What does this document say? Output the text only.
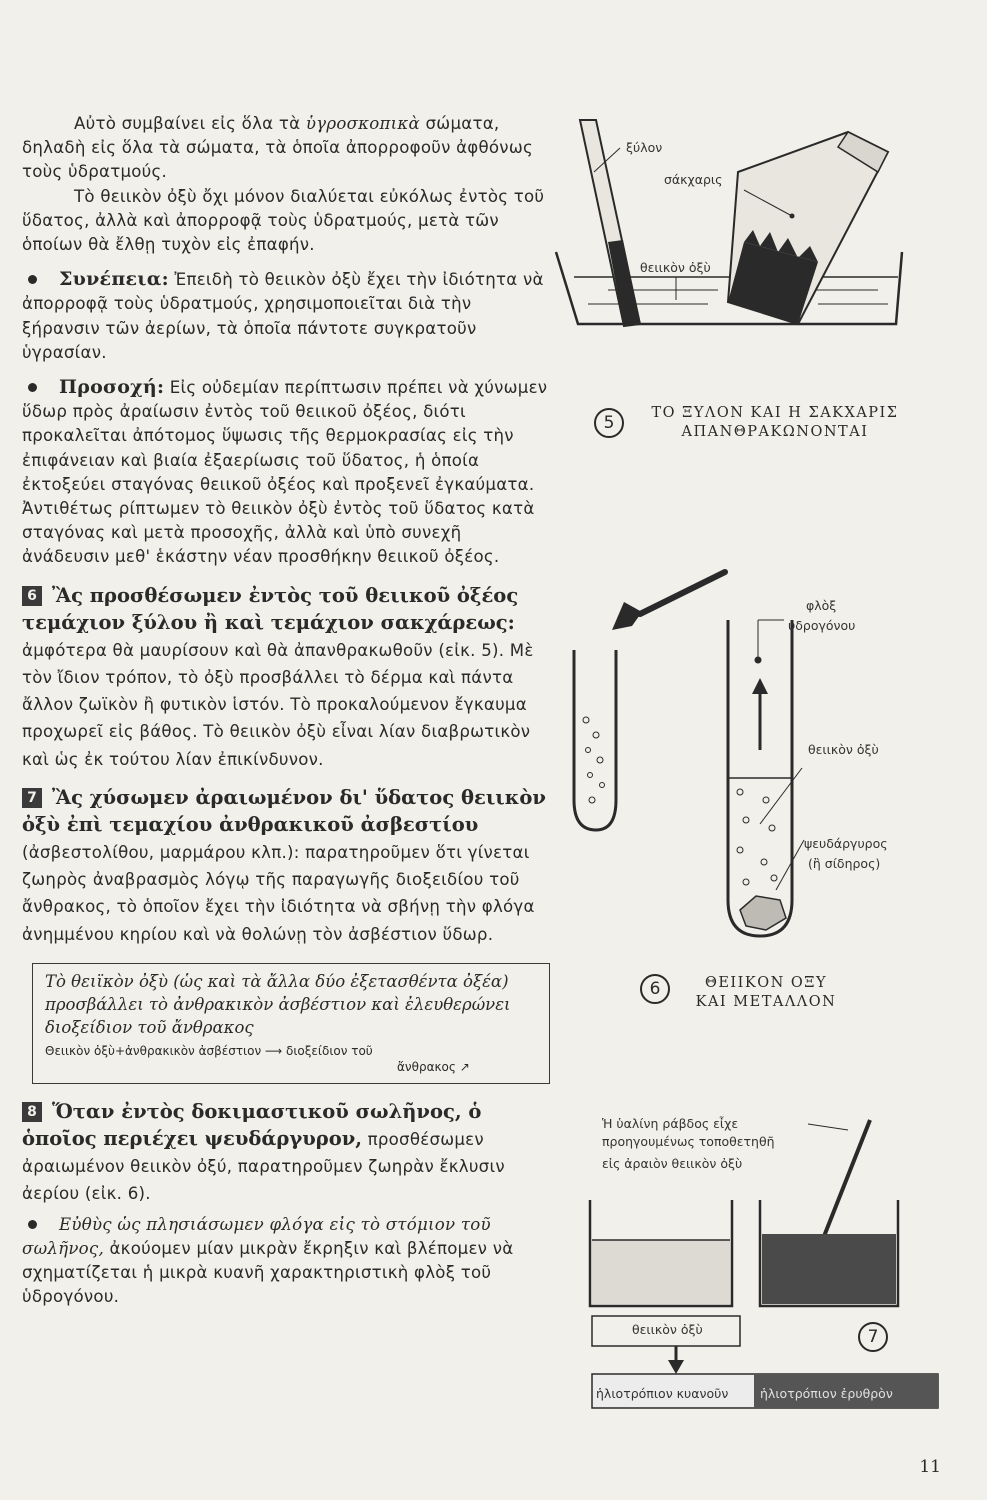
Αὐτὸ συμβαίνει εἰς ὅλα τὰ ὑγροσκοπικὰ σώματα, δηλαδὴ εἰς ὅλα τὰ σώματα, τὰ ὁποῖα ἀπορροφοῦν ἀφθόνως τοὺς ὑδρατμούς.

Τὸ θειικὸν ὀξὺ ὄχι μόνον διαλύεται εὐκόλως ἐντὸς τοῦ ὕδατος, ἀλλὰ καὶ ἀπορροφᾷ τοὺς ὑδρατμούς, μετὰ τῶν ὁποίων θὰ ἔλθῃ τυχὸν εἰς ἐπαφήν.

Συνέπεια: Ἐπειδὴ τὸ θειικὸν ὀξὺ ἔχει τὴν ἰδιότητα νὰ ἀπορροφᾷ τοὺς ὑδρατμούς, χρησιμοποιεῖται διὰ τὴν ξήρανσιν τῶν ἀερίων, τὰ ὁποῖα πάντοτε συγκρατοῦν ὑγρασίαν.

Προσοχή: Εἰς οὐδεμίαν περίπτωσιν πρέπει νὰ χύνωμεν ὕδωρ πρὸς ἀραίωσιν ἐντὸς τοῦ θειικοῦ ὀξέος, διότι προκαλεῖται ἀπότομος ὕψωσις τῆς θερμοκρασίας εἰς τὴν ἐπιφάνειαν καὶ βιαία ἐξαερίωσις τοῦ ὕδατος, ἡ ὁποία ἐκτοξεύει σταγόνας θειικοῦ ὀξέος καὶ προξενεῖ ἐγκαύματα. Ἀντιθέτως ρίπτωμεν τὸ θειικὸν ὀξὺ ἐντὸς τοῦ ὕδατος κατὰ σταγόνας καὶ μετὰ προσοχῆς, ἀλλὰ καὶ ὑπὸ συνεχῆ ἀνάδευσιν μεθ' ἑκάστην νέαν προσθήκην θειικοῦ ὀξέος.

6 Ἂς προσθέσωμεν ἐντὸς τοῦ θειικοῦ ὀξέος τεμάχιον ξύλου ἢ καὶ τεμάχιον σακχάρεως: ἀμφότερα θὰ μαυρίσουν καὶ θὰ ἀπανθρακωθοῦν (εἰκ. 5). Μὲ τὸν ἴδιον τρόπον, τὸ ὀξὺ προσβάλλει τὸ δέρμα καὶ πάντα ἄλλον ζωϊκὸν ἢ φυτικὸν ἱστόν. Τὸ προκαλούμενον ἔγκαυμα προχωρεῖ εἰς βάθος. Τὸ θειικὸν ὀξὺ εἶναι λίαν διαβρωτικὸν καὶ ὡς ἐκ τούτου λίαν ἐπικίνδυνον.

7 Ἂς χύσωμεν ἀραιωμένον δι' ὕδατος θειικὸν ὀξὺ ἐπὶ τεμαχίου ἀνθρακικοῦ ἀσβεστίου (ἀσβεστολίθου, μαρμάρου κλπ.): παρατηροῦμεν ὅτι γίνεται ζωηρὸς ἀναβρασμὸς λόγῳ τῆς παραγωγῆς διοξειδίου τοῦ ἄνθρακος, τὸ ὁποῖον ἔχει τὴν ἰδιότητα νὰ σβήνῃ τὴν φλόγα ἀνημμένου κηρίου καὶ νὰ θολώνῃ τὸν ἀσβέστιον ὕδωρ.

Τὸ θειϊκὸν ὀξὺ (ὡς καὶ τὰ ἄλλα δύο ἐξετασθέντα ὀξέα) προσβάλλει τὸ ἀνθρακικὸν ἀσβέστιον καὶ ἐλευθερώνει διοξείδιον τοῦ ἄνθρακος

Θειικὸν ὀξὺ+ἀνθρακικὸν ἀσβέστιον ⟶ διοξείδιον τοῦ

ἄνθρακος ↗

8 Ὅταν ἐντὸς δοκιμαστικοῦ σωλῆνος, ὁ ὁποῖος περιέχει ψευδάργυρον, προσθέσωμεν ἀραιωμένον θειικὸν ὀξύ, παρατηροῦμεν ζωηρὰν ἔκλυσιν ἀερίου (εἰκ. 6).

Εὐθὺς ὡς πλησιάσωμεν φλόγα εἰς τὸ στόμιον τοῦ σωλῆνος, ἀκούομεν μίαν μικρὰν ἔκρηξιν καὶ βλέπομεν νὰ σχηματίζεται ἡ μικρὰ κυανῆ χαρακτηριστικὴ φλὸξ τοῦ ὑδρογόνου.

ξύλον
σάκχαρις
θειικὸν ὀξὺ
5	ΤΟ ΞΥΛΟΝ ΚΑΙ Η ΣΑΚΧΑΡΙΣ
ΑΠΑΝΘΡΑΚΩΝΟΝΤΑΙ
φλὸξ
ὑδρογόνου
θειικὸν ὀξὺ
ψευδάργυρος
(ἢ σίδηρος)
6	ΘΕΙΙΚΟΝ ΟΞΥ
ΚΑΙ ΜΕΤΑΛΛΟΝ
Ἡ ὑαλίνη ράβδος εἶχε
προηγουμένως τοποθετηθῆ
εἰς ἀραιὸν θειικὸν ὀξὺ
θειικὸν ὀξὺ
ἡλιοτρόπιον κυανοῦν	ἡλιοτρόπιον ἐρυθρὸν
7
11
